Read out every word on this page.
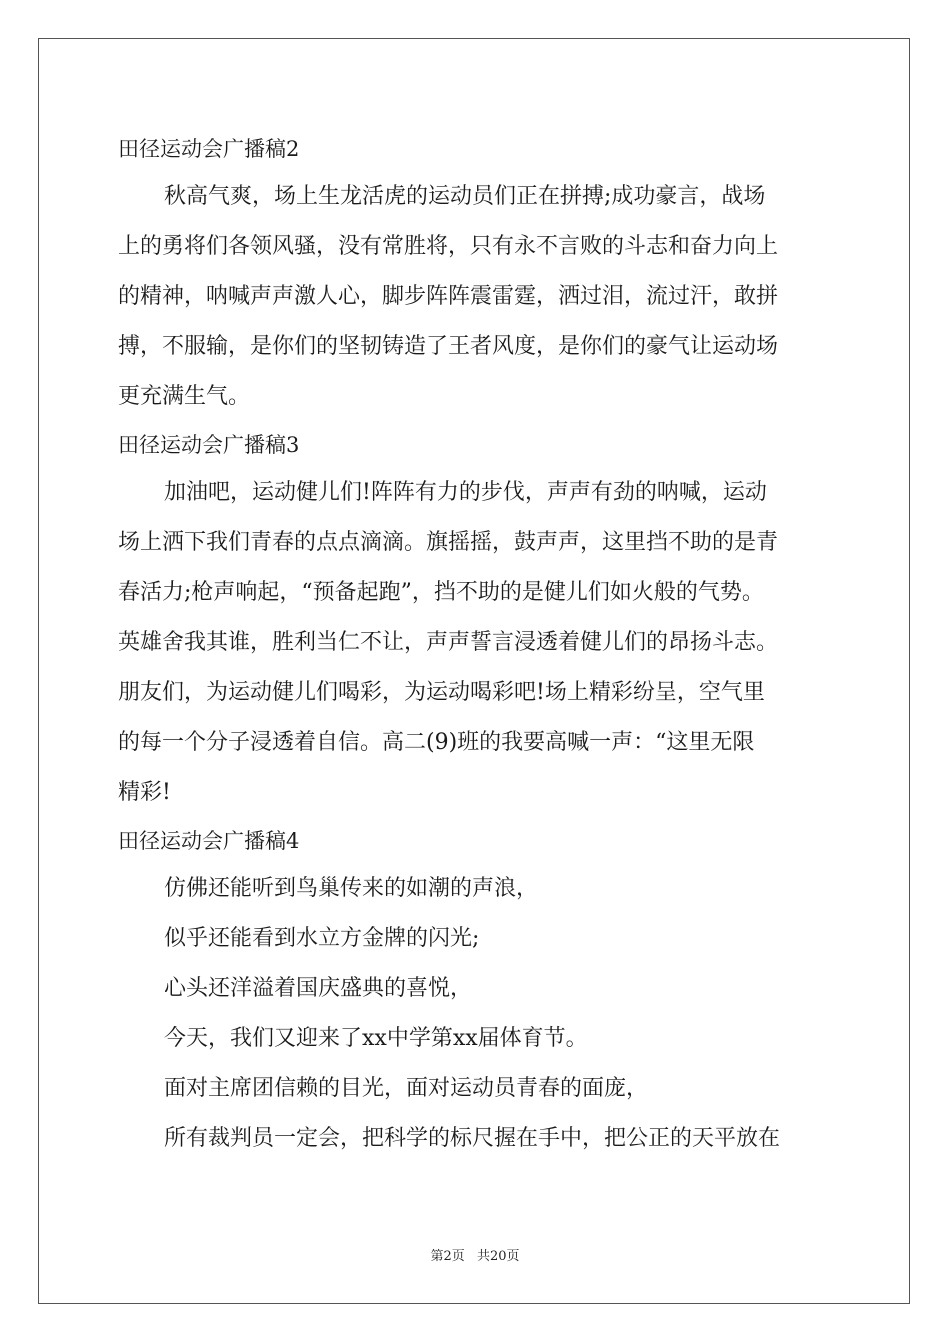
田径运动会广播稿2
秋高气爽，场上生龙活虎的运动员们正在拼搏;成功豪言，战场
上的勇将们各领风骚，没有常胜将，只有永不言败的斗志和奋力向上
的精神，呐喊声声激人心，脚步阵阵震雷霆，洒过泪，流过汗，敢拼
搏，不服输，是你们的坚韧铸造了王者风度，是你们的豪气让运动场
更充满生气。
田径运动会广播稿3
加油吧，运动健儿们!阵阵有力的步伐，声声有劲的呐喊，运动
场上洒下我们青春的点点滴滴。旗摇摇，鼓声声，这里挡不助的是青
春活力;枪声响起，“预备起跑”，挡不助的是健儿们如火般的气势。
英雄舍我其谁，胜利当仁不让，声声誓言浸透着健儿们的昂扬斗志。
朋友们，为运动健儿们喝彩，为运动喝彩吧!场上精彩纷呈，空气里
的每一个分子浸透着自信。高二(9)班的我要高喊一声：“这里无限
精彩!
田径运动会广播稿4
仿佛还能听到鸟巢传来的如潮的声浪，
似乎还能看到水立方金牌的闪光;
心头还洋溢着国庆盛典的喜悦，
今天，我们又迎来了xx中学第xx届体育节。
面对主席团信赖的目光，面对运动员青春的面庞，
所有裁判员一定会，把科学的标尺握在手中，把公正的天平放在
第2页 共20页
